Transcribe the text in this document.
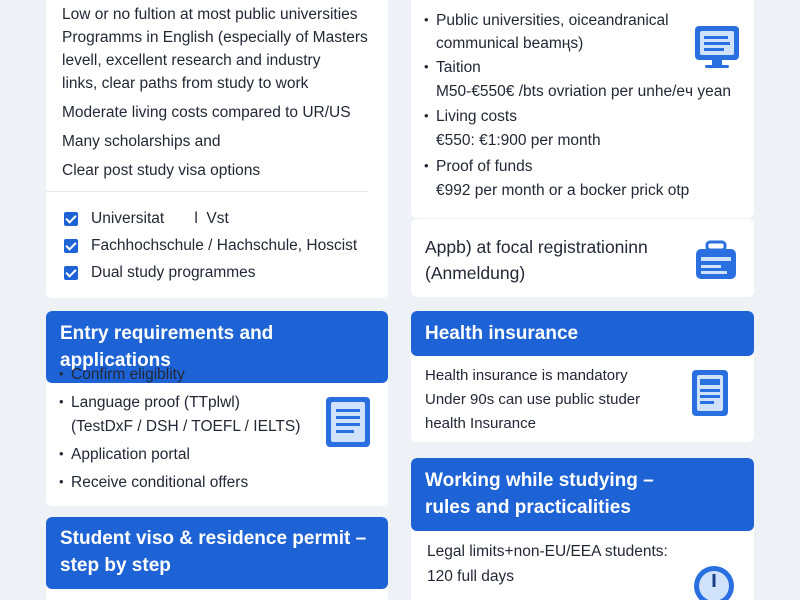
Low or no fultion at most public universities
Programms in English (especially of Masters
levell, excellent research and industry
links, clear paths from study to work
Moderate living costs compared to UR/US
Many scholarships and
Clear post study visa options
Universitat       l  Vst
Fachhochschule / Hachschule, Hoscist
Dual study programmes
• Public universities, oiceandranical
communical beamңs)
• Taition
M50-€550€ /bts ovriation per unhe/eч yean
• Living costs
€550: €1:900 per month
• Proof of funds
€992 per month or a bocker prick otp
Appb) at focal registrationinn
(Anmeldung)
Entry requirements and applications
• Confirm eligiblity
• Language proof (TTplwl)
(TestDxF / DSH / TOEFL / IELTS)
• Application portal
• Receive conditional offers
Student viso & residence permit –
step by step
Health insurance
Health insurance is mandatory
Under 90s can use public studer
health Insurance
Working while studying –
rules and practicalities
Legal limits+non-EU/EEA students:
120 full days
